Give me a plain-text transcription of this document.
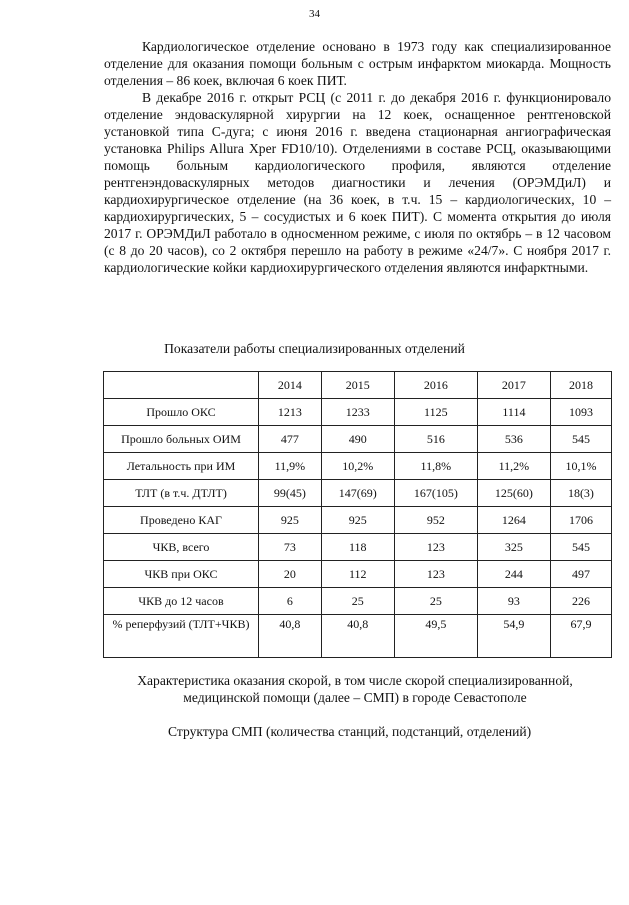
34

Кардиологическое отделение основано в 1973 году как специализированное отделение для оказания помощи больным с острым инфарктом миокарда. Мощность отделения – 86 коек, включая 6 коек ПИТ.

В декабре 2016 г. открыт РСЦ (с 2011 г. до декабря 2016 г. функционировало отделение эндоваскулярной хирургии на 12 коек, оснащенное рентгеновской установкой типа С-дуга; с июня 2016 г. введена стационарная ангиографическая установка Philips Allura Xper FD10/10). Отделениями в составе РСЦ, оказывающими помощь больным кардиологического профиля, являются отделение рентгенэндоваскулярных методов диагностики и лечения (ОРЭМДиЛ) и кардиохирургическое отделение (на 36 коек, в т.ч. 15 – кардиологических, 10 –кардиохирургических, 5 – сосудистых и 6 коек ПИТ). С момента открытия до июля 2017 г. ОРЭМДиЛ работало в односменном режиме, с июля по октябрь – в 12 часовом (с 8 до 20 часов), со 2 октября перешло на работу в режиме «24/7». С ноября 2017 г. кардиологические койки кардиохирургического отделения являются инфарктными.

Показатели работы специализированных отделений
	2014	2015	2016	2017	2018
Прошло ОКС	1213	1233	1125	1114	1093
Прошло больных ОИМ	477	490	516	536	545
Летальность при ИМ	11,9%	10,2%	11,8%	11,2%	10,1%
ТЛТ (в т.ч. ДТЛТ)	99(45)	147(69)	167(105)	125(60)	18(3)
Проведено КАГ	925	925	952	1264	1706
ЧКВ, всего	73	118	123	325	545
ЧКВ при ОКС	20	112	123	244	497
ЧКВ до 12 часов	6	25	25	93	226
% реперфузий (ТЛТ+ЧКВ)	40,8	40,8	49,5	54,9	67,9
Характеристика оказания скорой, в том числе скорой специализированной, медицинской помощи (далее – СМП) в городе Севастополе
Структура СМП (количества станций, подстанций, отделений)
